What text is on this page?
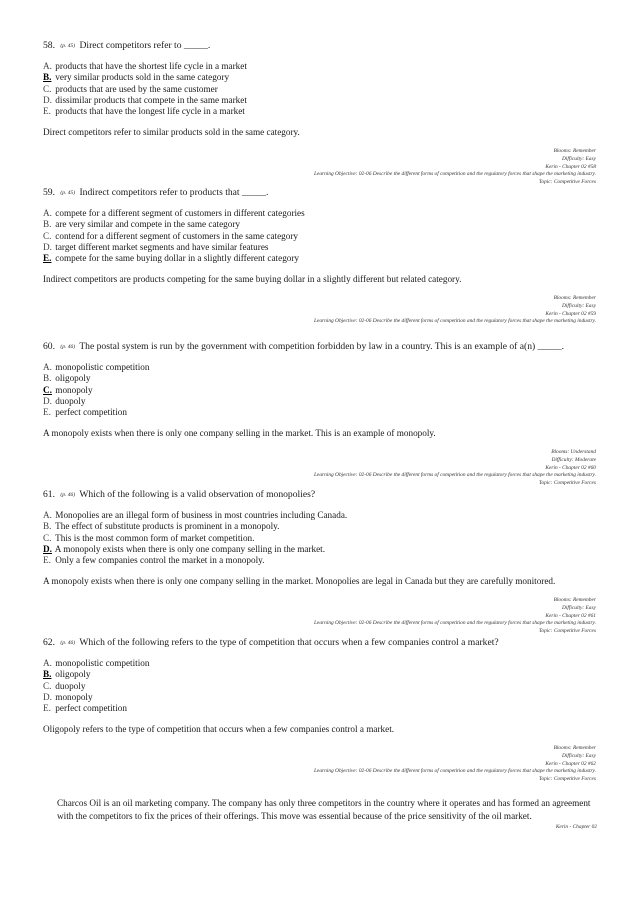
58. (p. 45) Direct competitors refer to _____.

A. products that have the shortest life cycle in a market
B. very similar products sold in the same category
C. products that are used by the same customer
D. dissimilar products that compete in the same market
E. products that have the longest life cycle in a market
Direct competitors refer to similar products sold in the same category.
Blooms: Remember
Difficulty: Easy
Kerin - Chapter 02 #58
Learning Objective: 02-06 Describe the different forms of competition and the regulatory forces that shape the marketing industry.
Topic: Competitive Forces

59. (p. 45) Indirect competitors refer to products that _____.

A. compete for a different segment of customers in different categories
B. are very similar and compete in the same category
C. contend for a different segment of customers in the same category
D. target different market segments and have similar features
E. compete for the same buying dollar in a slightly different category
Indirect competitors are products competing for the same buying dollar in a slightly different but related category.
Blooms: Remember
Difficulty: Easy
Kerin - Chapter 02 #59
Learning Objective: 02-06 Describe the different forms of competition and the regulatory forces that shape the marketing industry.

60. (p. 46) The postal system is run by the government with competition forbidden by law in a country. This is an example of a(n) _____.

A. monopolistic competition
B. oligopoly
C. monopoly
D. duopoly
E. perfect competition
A monopoly exists when there is only one company selling in the market. This is an example of monopoly.
Blooms: Understand
Difficulty: Moderate
Kerin - Chapter 02 #60
Learning Objective: 02-06 Describe the different forms of competition and the regulatory forces that shape the marketing industry.
Topic: Competitive Forces

61. (p. 46) Which of the following is a valid observation of monopolies?

A. Monopolies are an illegal form of business in most countries including Canada.
B. The effect of substitute products is prominent in a monopoly.
C. This is the most common form of market competition.
D. A monopoly exists when there is only one company selling in the market.
E. Only a few companies control the market in a monopoly.
A monopoly exists when there is only one company selling in the market. Monopolies are legal in Canada but they are carefully monitored.
Blooms: Remember
Difficulty: Easy
Kerin - Chapter 02 #61
Learning Objective: 02-06 Describe the different forms of competition and the regulatory forces that shape the marketing industry.
Topic: Competitive Forces

62. (p. 46) Which of the following refers to the type of competition that occurs when a few companies control a market?

A. monopolistic competition
B. oligopoly
C. duopoly
D. monopoly
E. perfect competition
Oligopoly refers to the type of competition that occurs when a few companies control a market.
Blooms: Remember
Difficulty: Easy
Kerin - Chapter 02 #62
Learning Objective: 02-06 Describe the different forms of competition and the regulatory forces that shape the marketing industry.
Topic: Competitive Forces
Charcos Oil is an oil marketing company. The company has only three competitors in the country where it operates and has formed an agreement
with the competitors to fix the prices of their offerings. This move was essential because of the price sensitivity of the oil market.
Kerin - Chapter 02
